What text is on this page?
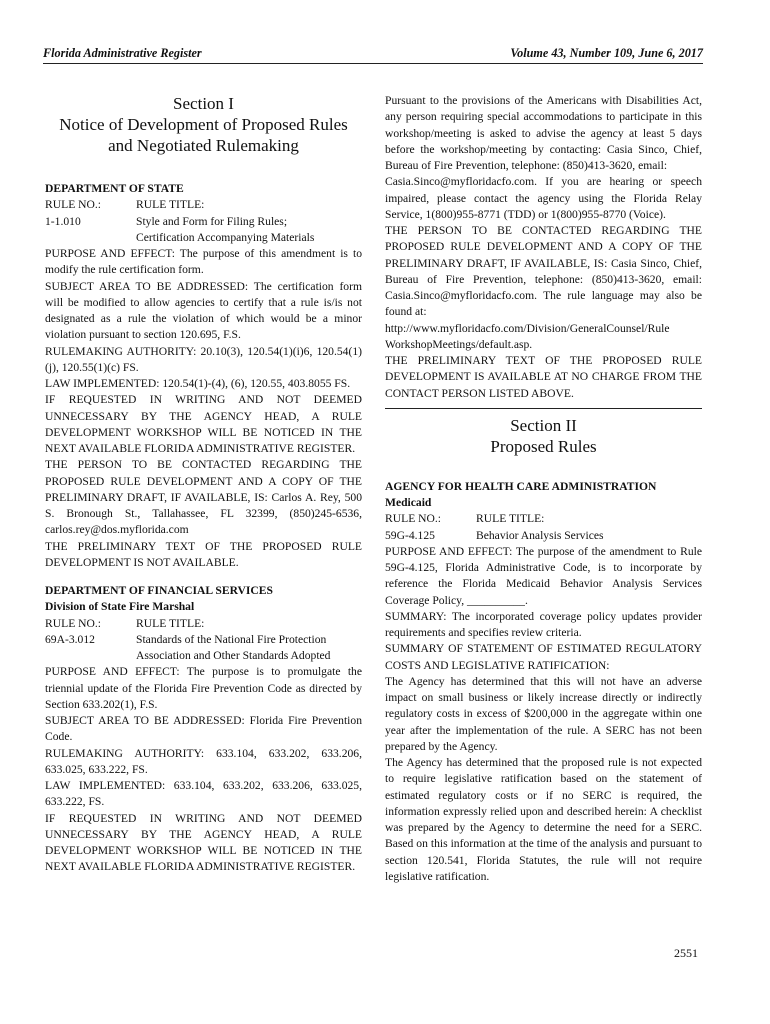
Florida Administrative Register	Volume 43, Number 109, June 6, 2017

Section I
Notice of Development of Proposed Rules
and Negotiated Rulemaking

DEPARTMENT OF STATE
RULE NO.:	RULE TITLE:
1-1.010	Style and Form for Filing Rules;
Certification Accompanying Materials
PURPOSE AND EFFECT: The purpose of this amendment is to modify the rule certification form.
SUBJECT AREA TO BE ADDRESSED: The certification form will be modified to allow agencies to certify that a rule is/is not designated as a rule the violation of which would be a minor violation pursuant to section 120.695, F.S.
RULEMAKING AUTHORITY: 20.10(3), 120.54(1)(i)6, 120.54(1)(j), 120.55(1)(c) FS.
LAW IMPLEMENTED: 120.54(1)-(4), (6), 120.55, 403.8055 FS.
IF REQUESTED IN WRITING AND NOT DEEMED UNNECESSARY BY THE AGENCY HEAD, A RULE DEVELOPMENT WORKSHOP WILL BE NOTICED IN THE NEXT AVAILABLE FLORIDA ADMINISTRATIVE REGISTER.
THE PERSON TO BE CONTACTED REGARDING THE PROPOSED RULE DEVELOPMENT AND A COPY OF THE PRELIMINARY DRAFT, IF AVAILABLE, IS: Carlos A. Rey, 500 S. Bronough St., Tallahassee, FL 32399, (850)245-6536, carlos.rey@dos.myflorida.com
THE PRELIMINARY TEXT OF THE PROPOSED RULE DEVELOPMENT IS NOT AVAILABLE.
DEPARTMENT OF FINANCIAL SERVICES
Division of State Fire Marshal
RULE NO.:	RULE TITLE:
69A-3.012	Standards of the National Fire Protection
Association and Other Standards Adopted
PURPOSE AND EFFECT: The purpose is to promulgate the triennial update of the Florida Fire Prevention Code as directed by Section 633.202(1), F.S.
SUBJECT AREA TO BE ADDRESSED: Florida Fire Prevention Code.
RULEMAKING AUTHORITY: 633.104, 633.202, 633.206, 633.025, 633.222, FS.
LAW IMPLEMENTED: 633.104, 633.202, 633.206, 633.025, 633.222, FS.
IF REQUESTED IN WRITING AND NOT DEEMED UNNECESSARY BY THE AGENCY HEAD, A RULE DEVELOPMENT WORKSHOP WILL BE NOTICED IN THE NEXT AVAILABLE FLORIDA ADMINISTRATIVE REGISTER.
Pursuant to the provisions of the Americans with Disabilities Act, any person requiring special accommodations to participate in this workshop/meeting is asked to advise the agency at least 5 days before the workshop/meeting by contacting: Casia Sinco, Chief, Bureau of Fire Prevention, telephone: (850)413-3620, email:
Casia.Sinco@myfloridacfo.com. If you are hearing or speech impaired, please contact the agency using the Florida Relay Service, 1(800)955-8771 (TDD) or 1(800)955-8770 (Voice).
THE PERSON TO BE CONTACTED REGARDING THE PROPOSED RULE DEVELOPMENT AND A COPY OF THE PRELIMINARY DRAFT, IF AVAILABLE, IS: Casia Sinco, Chief, Bureau of Fire Prevention, telephone: (850)413-3620, email: Casia.Sinco@myfloridacfo.com. The rule language may also be found at:
http://www.myfloridacfo.com/Division/GeneralCounsel/Rule
WorkshopMeetings/default.asp.
THE PRELIMINARY TEXT OF THE PROPOSED RULE DEVELOPMENT IS AVAILABLE AT NO CHARGE FROM THE CONTACT PERSON LISTED ABOVE.

Section II
Proposed Rules

AGENCY FOR HEALTH CARE ADMINISTRATION
Medicaid
RULE NO.:	RULE TITLE:
59G-4.125	Behavior Analysis Services
PURPOSE AND EFFECT: The purpose of the amendment to Rule 59G-4.125, Florida Administrative Code, is to incorporate by reference the Florida Medicaid Behavior Analysis Services Coverage Policy, __________.
SUMMARY: The incorporated coverage policy updates provider requirements and specifies review criteria.
SUMMARY OF STATEMENT OF ESTIMATED REGULATORY COSTS AND LEGISLATIVE RATIFICATION:
The Agency has determined that this will not have an adverse impact on small business or likely increase directly or indirectly regulatory costs in excess of $200,000 in the aggregate within one year after the implementation of the rule. A SERC has not been prepared by the Agency.
The Agency has determined that the proposed rule is not expected to require legislative ratification based on the statement of estimated regulatory costs or if no SERC is required, the information expressly relied upon and described herein: A checklist was prepared by the Agency to determine the need for a SERC. Based on this information at the time of the analysis and pursuant to section 120.541, Florida Statutes, the rule will not require legislative ratification.
2551
